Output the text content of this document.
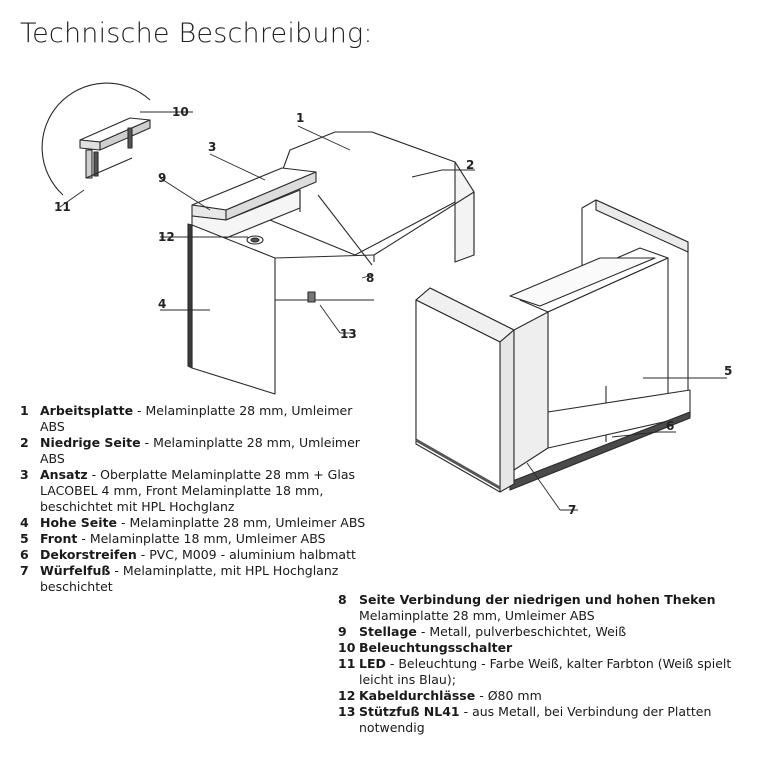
Technische Beschreibung:
1
2
3
4
5
6
7
8
9
10
11
12
13
1 Arbeitsplatte - Melaminplatte 28 mm, Umleimer ABS
2 Niedrige Seite - Melaminplatte 28 mm, Umleimer ABS
3 Ansatz - Oberplatte Melaminplatte 28 mm + Glas LACOBEL 4 mm, Front Melaminplatte 18 mm, beschichtet mit HPL Hochglanz
4 Hohe Seite - Melaminplatte 28 mm, Umleimer ABS
5 Front - Melaminplatte 18 mm, Umleimer ABS
6 Dekorstreifen - PVC, M009 - aluminium halbmatt
7 Würfelfuß - Melaminplatte, mit HPL Hochglanz beschichtet
8 Seite Verbindung der niedrigen und hohen Theken
Melaminplatte 28 mm, Umleimer ABS
9 Stellage - Metall, pulverbeschichtet, Weiß
10 Beleuchtungsschalter
11 LED - Beleuchtung - Farbe Weiß, kalter Farbton (Weiß spielt leicht ins Blau);
12 Kabeldurchlässe - Ø80 mm
13 Stützfuß NL41 - aus Metall, bei Verbindung der Platten notwendig
